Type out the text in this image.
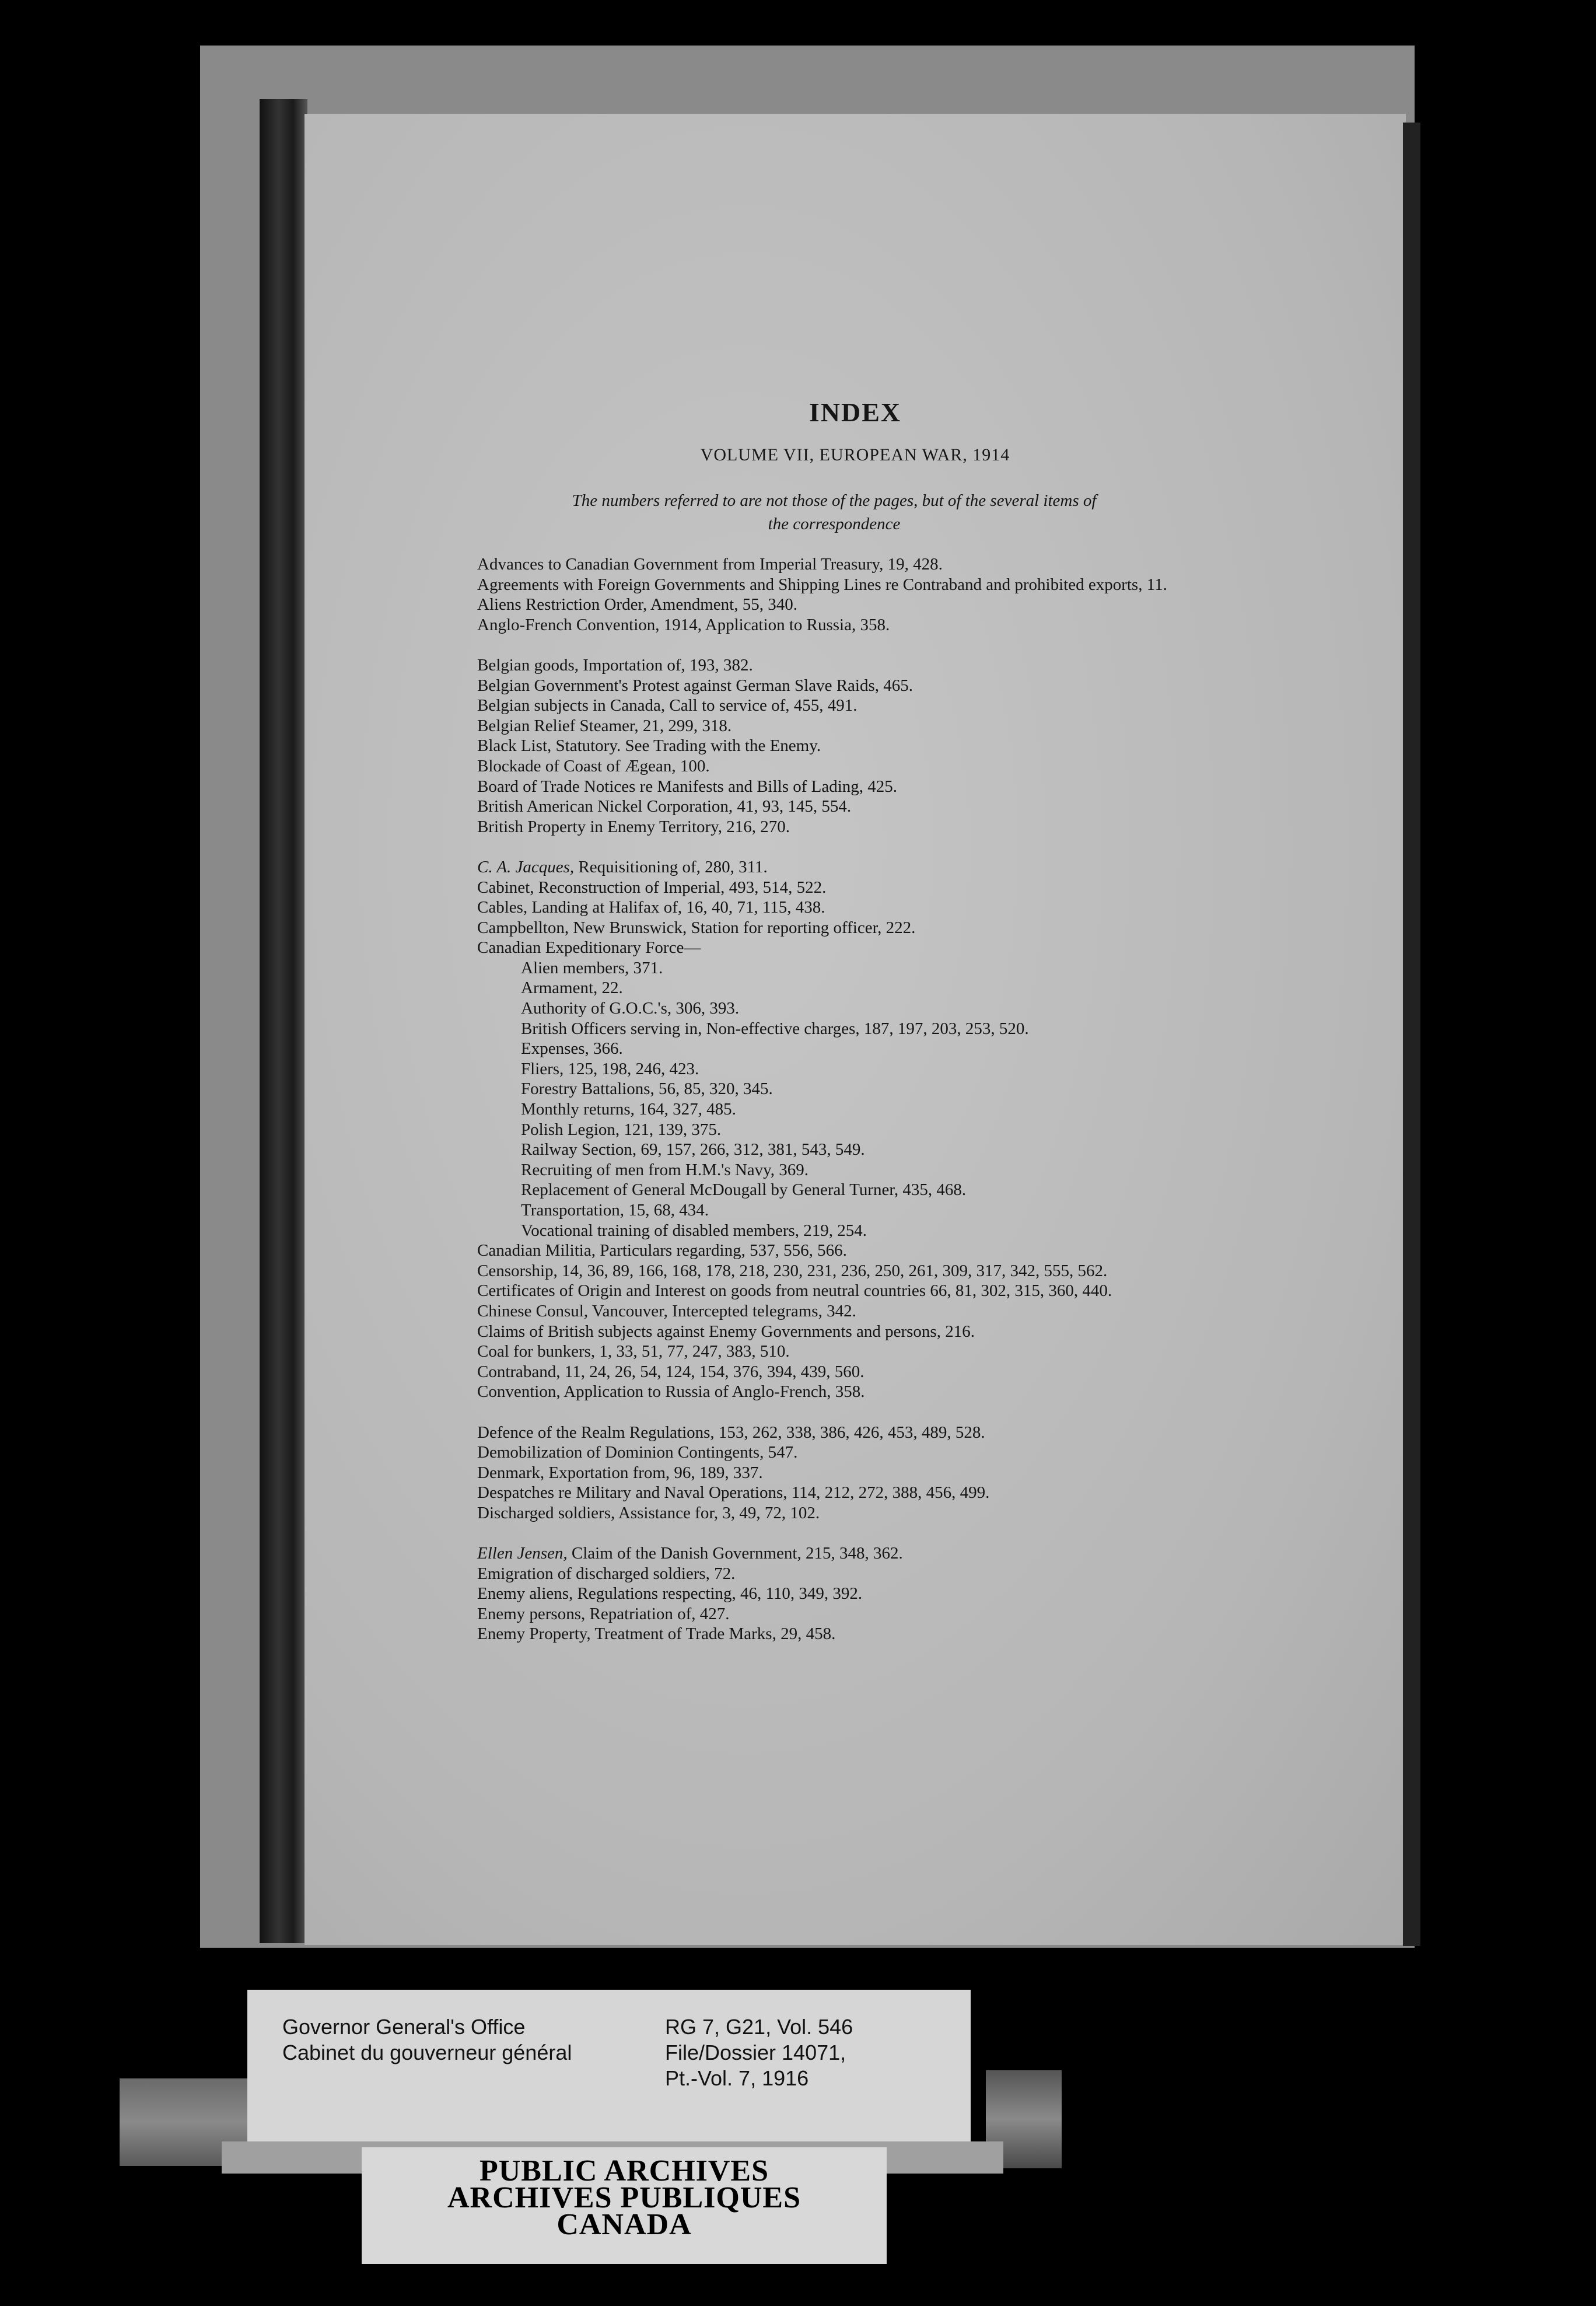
INDEX
VOLUME VII, EUROPEAN WAR, 1914
The numbers referred to are not those of the pages, but of the several items of
the correspondence
Advances to Canadian Government from Imperial Treasury, 19, 428.
Agreements with Foreign Governments and Shipping Lines re Contraband and prohibited exports, 11.
Aliens Restriction Order, Amendment, 55, 340.
Anglo-French Convention, 1914, Application to Russia, 358.
Belgian goods, Importation of, 193, 382.
Belgian Government's Protest against German Slave Raids, 465.
Belgian subjects in Canada, Call to service of, 455, 491.
Belgian Relief Steamer, 21, 299, 318.
Black List, Statutory. See Trading with the Enemy.
Blockade of Coast of Ægean, 100.
Board of Trade Notices re Manifests and Bills of Lading, 425.
British American Nickel Corporation, 41, 93, 145, 554.
British Property in Enemy Territory, 216, 270.
C. A. Jacques, Requisitioning of, 280, 311.
Cabinet, Reconstruction of Imperial, 493, 514, 522.
Cables, Landing at Halifax of, 16, 40, 71, 115, 438.
Campbellton, New Brunswick, Station for reporting officer, 222.
Canadian Expeditionary Force—
Alien members, 371.
Armament, 22.
Authority of G.O.C.'s, 306, 393.
British Officers serving in, Non-effective charges, 187, 197, 203, 253, 520.
Expenses, 366.
Fliers, 125, 198, 246, 423.
Forestry Battalions, 56, 85, 320, 345.
Monthly returns, 164, 327, 485.
Polish Legion, 121, 139, 375.
Railway Section, 69, 157, 266, 312, 381, 543, 549.
Recruiting of men from H.M.'s Navy, 369.
Replacement of General McDougall by General Turner, 435, 468.
Transportation, 15, 68, 434.
Vocational training of disabled members, 219, 254.
Canadian Militia, Particulars regarding, 537, 556, 566.
Censorship, 14, 36, 89, 166, 168, 178, 218, 230, 231, 236, 250, 261, 309, 317, 342, 555, 562.
Certificates of Origin and Interest on goods from neutral countries 66, 81, 302, 315, 360, 440.
Chinese Consul, Vancouver, Intercepted telegrams, 342.
Claims of British subjects against Enemy Governments and persons, 216.
Coal for bunkers, 1, 33, 51, 77, 247, 383, 510.
Contraband, 11, 24, 26, 54, 124, 154, 376, 394, 439, 560.
Convention, Application to Russia of Anglo-French, 358.
Defence of the Realm Regulations, 153, 262, 338, 386, 426, 453, 489, 528.
Demobilization of Dominion Contingents, 547.
Denmark, Exportation from, 96, 189, 337.
Despatches re Military and Naval Operations, 114, 212, 272, 388, 456, 499.
Discharged soldiers, Assistance for, 3, 49, 72, 102.
Ellen Jensen, Claim of the Danish Government, 215, 348, 362.
Emigration of discharged soldiers, 72.
Enemy aliens, Regulations respecting, 46, 110, 349, 392.
Enemy persons, Repatriation of, 427.
Enemy Property, Treatment of Trade Marks, 29, 458.
Governor General's Office
Cabinet du gouverneur général
RG 7, G21, Vol. 546
File/Dossier 14071,
Pt.-Vol. 7, 1916
PUBLIC ARCHIVES
ARCHIVES PUBLIQUES
CANADA
